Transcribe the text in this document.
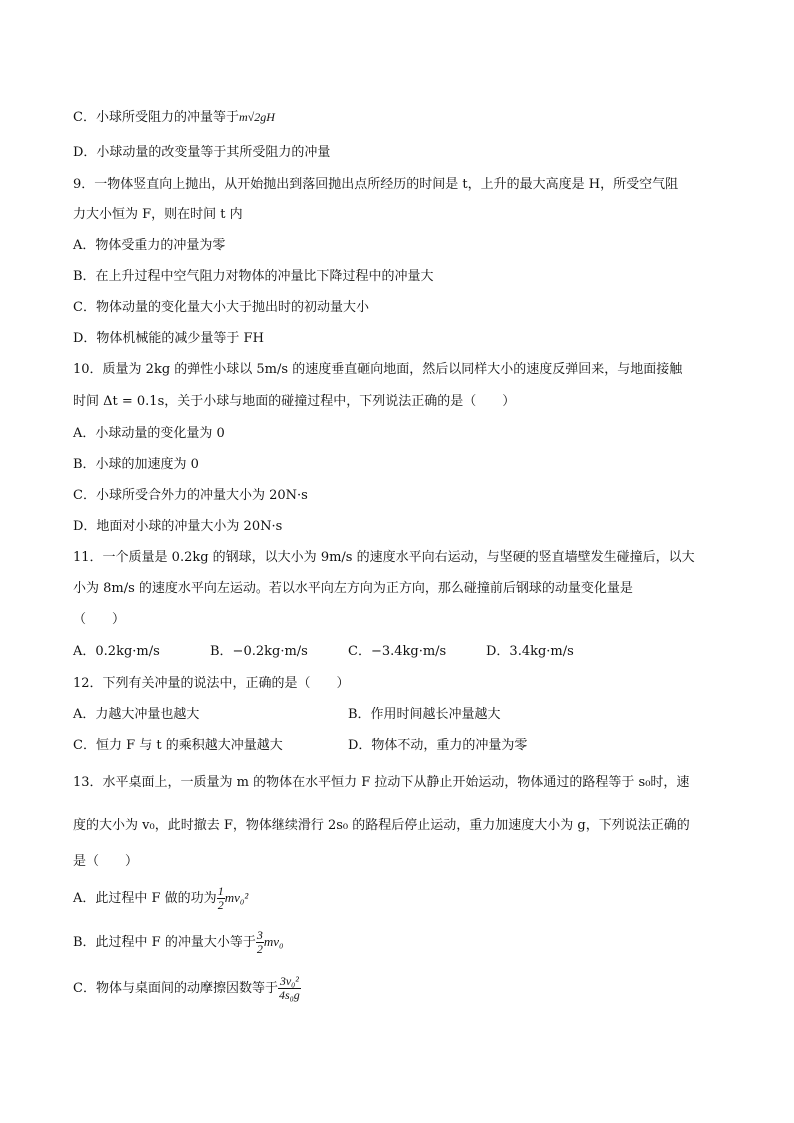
C．小球所受阻力的冲量等于m√2gH
D．小球动量的改变量等于其所受阻力的冲量
9．一物体竖直向上抛出，从开始抛出到落回抛出点所经历的时间是 t，上升的最大高度是 H，所受空气阻
力大小恒为 F，则在时间 t 内
A．物体受重力的冲量为零
B．在上升过程中空气阻力对物体的冲量比下降过程中的冲量大
C．物体动量的变化量大小大于抛出时的初动量大小
D．物体机械能的减少量等于 FH
10．质量为 2kg 的弹性小球以 5m/s 的速度垂直砸向地面，然后以同样大小的速度反弹回来，与地面接触
时间 Δt = 0.1s，关于小球与地面的碰撞过程中，下列说法正确的是（　　）
A．小球动量的变化量为 0
B．小球的加速度为 0
C．小球所受合外力的冲量大小为 20N·s
D．地面对小球的冲量大小为 20N·s
11．一个质量是 0.2kg 的钢球，以大小为 9m/s 的速度水平向右运动，与坚硬的竖直墙壁发生碰撞后，以大
小为 8m/s 的速度水平向左运动。若以水平向左方向为正方向，那么碰撞前后钢球的动量变化量是
（　　）
A．0.2kg·m/s	B．−0.2kg·m/s	C．−3.4kg·m/s	D．3.4kg·m/s
12．下列有关冲量的说法中，正确的是（　　）
A．力越大冲量也越大	B．作用时间越长冲量越大
C．恒力 F 与 t 的乘积越大冲量越大	D．物体不动，重力的冲量为零
13．水平桌面上，一质量为 m 的物体在水平恒力 F 拉动下从静止开始运动，物体通过的路程等于 s₀时，速
度的大小为 v₀，此时撤去 F，物体继续滑行 2s₀ 的路程后停止运动，重力加速度大小为 g，下列说法正确的
是（　　）
A．此过程中 F 做的功为 $\frac{1}{2} mv_0^2$
B．此过程中 F 的冲量大小等于 $\frac{3}{2} mv_0$
C．物体与桌面间的动摩擦因数等于 $\frac{\text{3v₀²}}{\text{4s₀g}}$
